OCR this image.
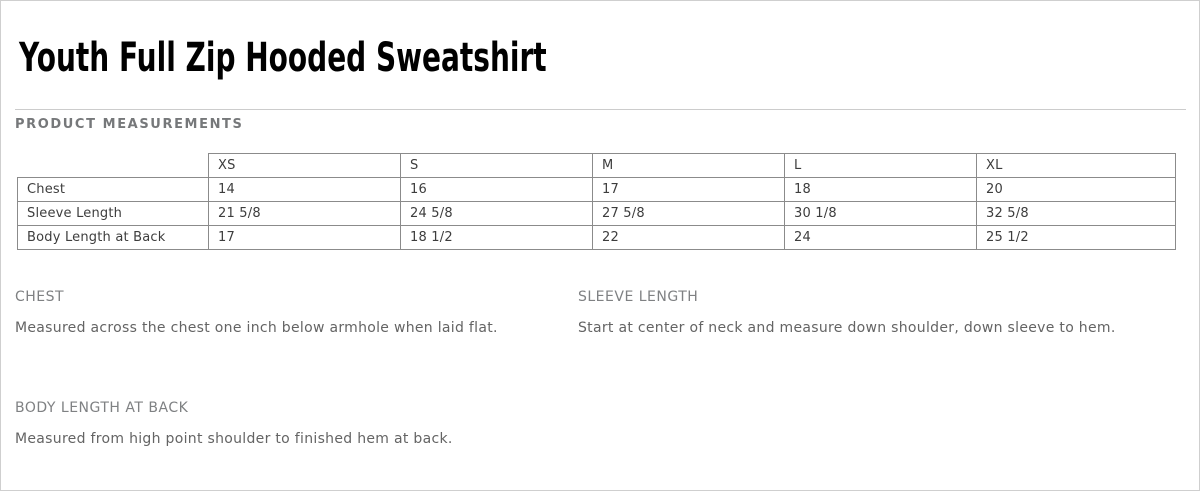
Youth Full Zip Hooded Sweatshirt
PRODUCT MEASUREMENTS
	XS	S	M	L	XL
Chest	14	16	17	18	20
Sleeve Length	21 5/8	24 5/8	27 5/8	30 1/8	32 5/8
Body Length at Back	17	18 1/2	22	24	25 1/2
CHEST

Measured across the chest one inch below armhole when laid flat.

SLEEVE LENGTH

Start at center of neck and measure down shoulder, down sleeve to hem.

BODY LENGTH AT BACK

Measured from high point shoulder to finished hem at back.
